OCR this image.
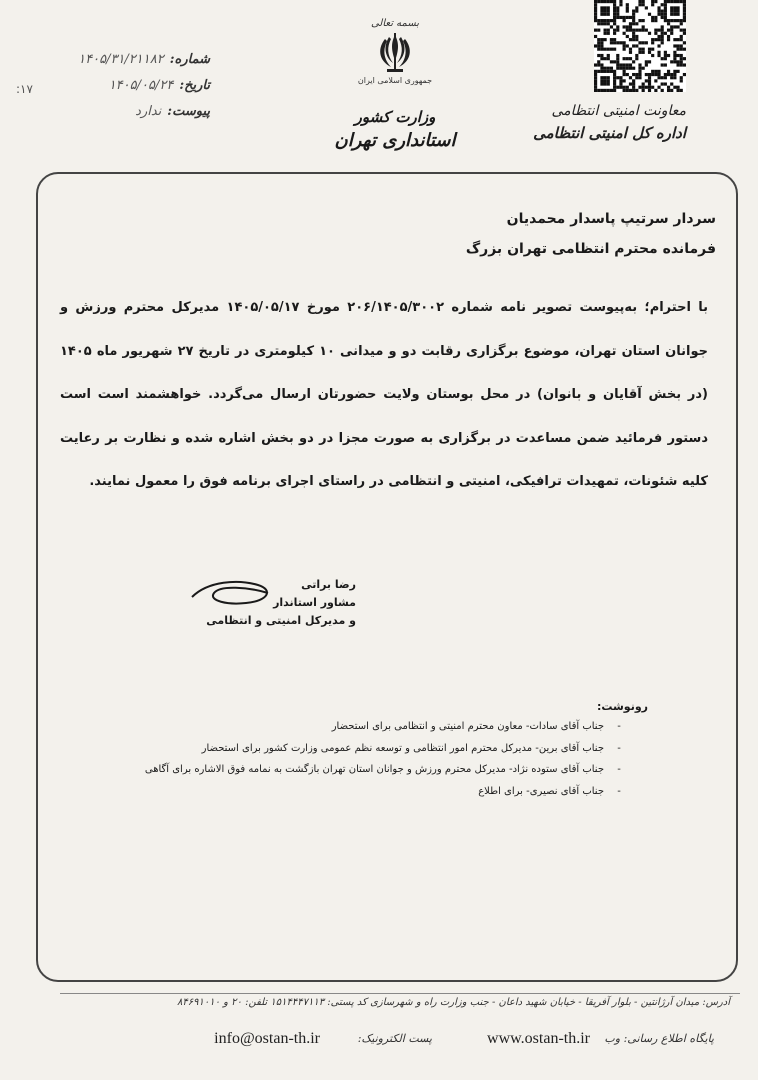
بسمه تعالی
جمهوری اسلامی ایران
وزارت کشور
استانداری تهران
معاونت امنیتی انتظامی
اداره کل امنیتی انتظامی
شماره:
۱۴۰۵/۳۱/۲۱۱۸۲
تاریخ:
۱۴۰۵/۰۵/۲۴
پیوست:
ندارد
:۱۷
سردار سرتیپ پاسدار محمدیان
فرمانده محترم انتظامی تهران بزرگ
با احترام؛ به‌پیوست تصویر نامه شماره ۲۰۶/۱۴۰۵/۳۰۰۲ مورخ ۱۴۰۵/۰۵/۱۷ مدیرکل محترم ورزش و جوانان استان تهران، موضوع برگزاری رقابت دو و میدانی ۱۰ کیلومتری در تاریخ ۲۷ شهریور ماه ۱۴۰۵ (در بخش آقایان و بانوان) در محل بوستان ولایت حضورتان ارسال می‌گردد. خواهشمند است است دستور فرمائید ضمن مساعدت در برگزاری به صورت مجزا در دو بخش اشاره شده و نظارت بر رعایت کلیه شئونات، تمهیدات ترافیکی، امنیتی و انتظامی در راستای اجرای برنامه فوق را معمول نمایند.
رضا براتی
مشاور استاندار
و مدیرکل امنیتی و انتظامی
رونوشت:
-
جناب آقای سادات- معاون محترم امنیتی و انتظامی برای استحضار
-
جناب آقای برین- مدیرکل محترم امور انتظامی و توسعه نظم عمومی وزارت کشور برای استحضار
-
جناب آقای ستوده نژاد- مدیرکل محترم ورزش و جوانان استان تهران بازگشت به نمامه فوق الاشاره برای آگاهی
-
جناب آقای نصیری- برای اطلاع
آدرس: میدان آرژانتین - بلوار آفریقا - خیابان شهید داعان - جنب وزارت راه و شهرسازی کد پستی: ۱۵۱۴۴۴۷۱۱۳ تلفن: ۲۰ و ۸۴۶۹۱۰۱۰
پایگاه اطلاع رسانی: وب
www.ostan-th.ir
پست الکترونیک:
info@ostan-th.ir
